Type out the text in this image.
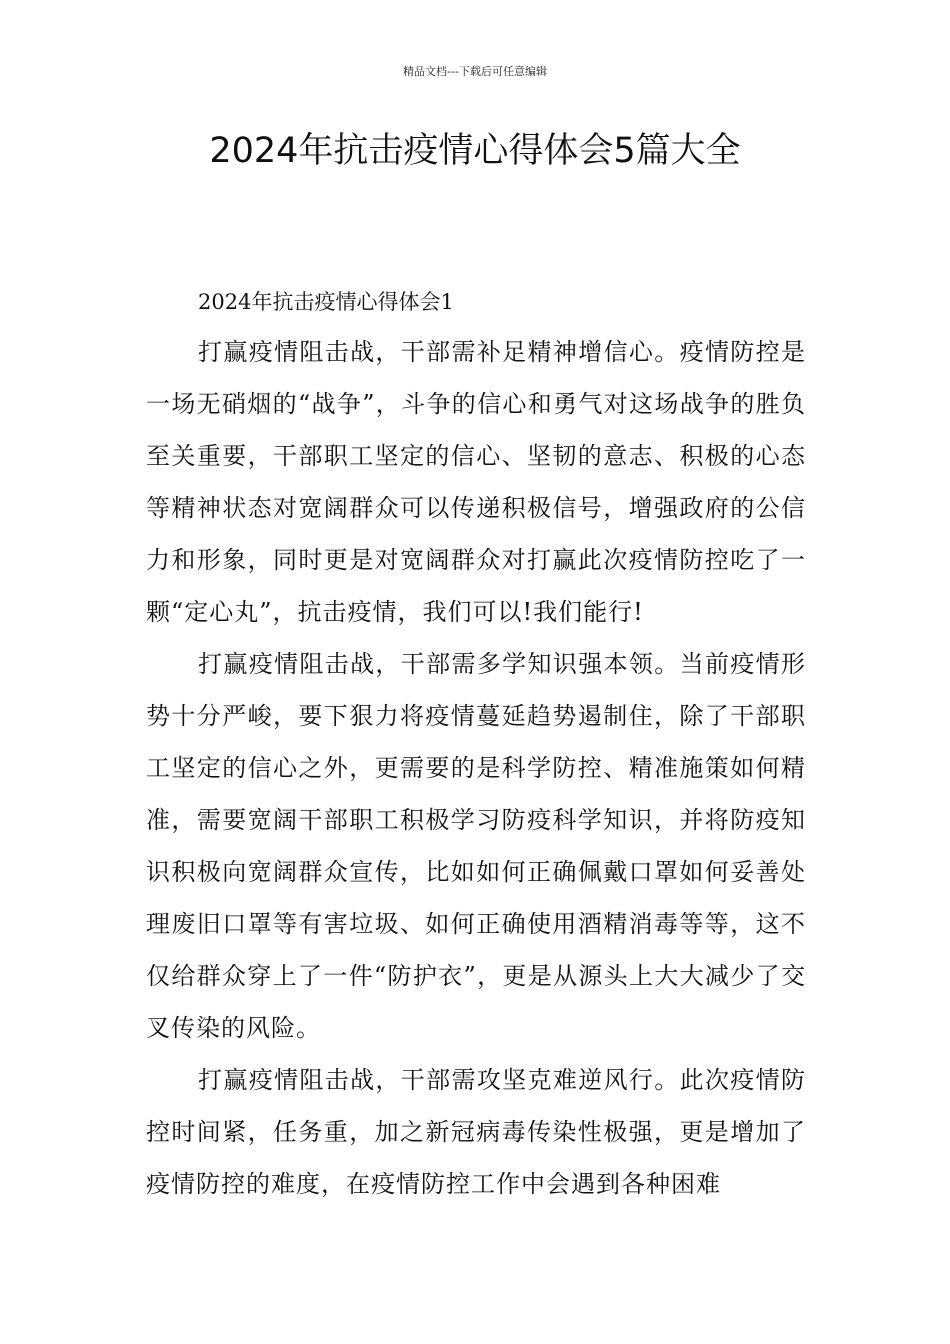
精品文档---下载后可任意编辑
2024年抗击疫情心得体会5篇大全
2024年抗击疫情心得体会1

打赢疫情阻击战，干部需补足精神增信心。疫情防控是一场无硝烟的“战争”，斗争的信心和勇气对这场战争的胜负至关重要，干部职工坚定的信心、坚韧的意志、积极的心态等精神状态对宽阔群众可以传递积极信号，增强政府的公信力和形象，同时更是对宽阔群众对打赢此次疫情防控吃了一颗“定心丸”，抗击疫情，我们可以!我们能行!

打赢疫情阻击战，干部需多学知识强本领。当前疫情形势十分严峻，要下狠力将疫情蔓延趋势遏制住，除了干部职工坚定的信心之外，更需要的是科学防控、精准施策如何精准，需要宽阔干部职工积极学习防疫科学知识，并将防疫知识积极向宽阔群众宣传，比如如何正确佩戴口罩如何妥善处理废旧口罩等有害垃圾、如何正确使用酒精消毒等等，这不仅给群众穿上了一件“防护衣”，更是从源头上大大减少了交叉传染的风险。

打赢疫情阻击战，干部需攻坚克难逆风行。此次疫情防控时间紧，任务重，加之新冠病毒传染性极强，更是增加了疫情防控的难度，在疫情防控工作中会遇到各种困难
